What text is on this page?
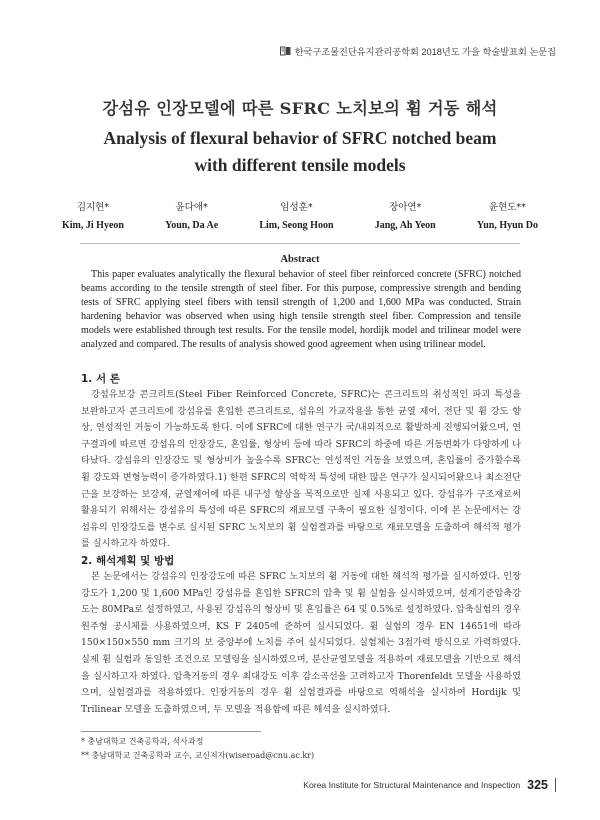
한국구조물진단유지관리공학회 2018년도 가을 학술발표회 논문집
강섬유 인장모델에 따른 SFRC 노치보의 휨 거동 해석
Analysis of flexural behavior of SFRC notched beam
with different tensile models
김지현*
Kim, Ji Hyeon
윤다애*
Youn, Da Ae
임성훈*
Lim, Seong Hoon
장아연*
Jang, Ah Yeon
윤현도**
Yun, Hyun Do
Abstract

This paper evaluates analytically the flexural behavior of steel fiber reinforced concrete (SFRC) notched beams according to the tensile strength of steel fiber. For this purpose, compressive strength and bending tests of SFRC applying steel fibers with tensil strength of 1,200 and 1,600 MPa was conducted. Strain hardening behavior was observed when using high tensile strength steel fiber. Compression and tensile models were established through test results. For the tensile model, hordijk model and trilinear model were analyzed and compared. The results of analysis showed good agreement when using trilinear model.

1. 서 론

강섬유보강 콘크리트(Steel Fiber Reinforced Concrete, SFRC)는 콘크리트의 취성적인 파괴 특성을 보완하고자 콘크리트에 강섬유를 혼입한 콘크리트로, 섬유의 가교작용을 통한 균열 제어, 전단 및 휨 강도 향상, 연성적인 거동이 가능하도록 한다. 이에 SFRC에 대한 연구가 국/내외적으로 활발하게 진행되어왔으며, 연구결과에 따르면 강섬유의 인장강도, 혼입률, 형상비 등에 따라 SFRC의 하중에 따른 거동변화가 다양하게 나타났다. 강섬유의 인장강도 및 형상비가 높을수록 SFRC는 연성적인 거동을 보였으며, 혼입률이 증가할수록 휨 강도와 변형능력이 증가하였다.1) 한편 SFRC의 역학적 특성에 대한 많은 연구가 실시되어왔으나 최소전단근을 보강하는 보강재, 균열제어에 따른 내구성 향상을 목적으로만 실제 사용되고 있다. 강섬유가 구조재로써 활용되기 위해서는 강섬유의 특성에 따른 SFRC의 재료모델 구축이 필요한 실정이다. 이에 본 논문에서는 강섬유의 인장강도를 변수로 실시된 SFRC 노치보의 휨 실험결과를 바탕으로 재료모델을 도출하여 해석적 평가를 실시하고자 하였다.

2. 해석계획 및 방법

본 논문에서는 강섬유의 인장강도에 따른 SFRC 노치보의 휨 거동에 대한 해석적 평가를 실시하였다. 인장강도가 1,200 및 1,600 MPa인 강섬유를 혼입한 SFRC의 압축 및 휨 실험을 실시하였으며, 설계기준압축강도는 80MPa로 설정하였고, 사용된 강섬유의 형상비 및 혼입률은 64 및 0.5%로 설정하였다. 압축실험의 경우 원주형 공시체를 사용하였으며, KS F 2405에 준하여 실시되었다. 휨 실험의 경우 EN 14651에 따라 150×150×550 mm 크기의 보 중앙부에 노치를 주어 실시되었다. 실험체는 3점가력 방식으로 가력하였다. 실제 휨 실험과 동일한 조건으로 모델링을 실시하였으며, 분산균열모델을 적용하여 재료모델을 기반으로 해석을 실시하고자 하였다. 압축거동의 경우 최대강도 이후 감소곡선을 고려하고자 Thorenfeldt 모델을 사용하였으며, 실험결과를 적용하였다. 인장거동의 경우 휨 실험결과를 바탕으로 역해석을 실시하여 Hordijk 및 Trilinear 모델을 도출하였으며, 두 모델을 적용함에 따른 해석을 실시하였다.

* 충남대학교 건축공학과, 석사과정
** 충남대학교 건축공학과 교수, 교신저자(wiseroad@cnu.ac.kr)
Korea Institute for Structural Maintenance and Inspection 325
